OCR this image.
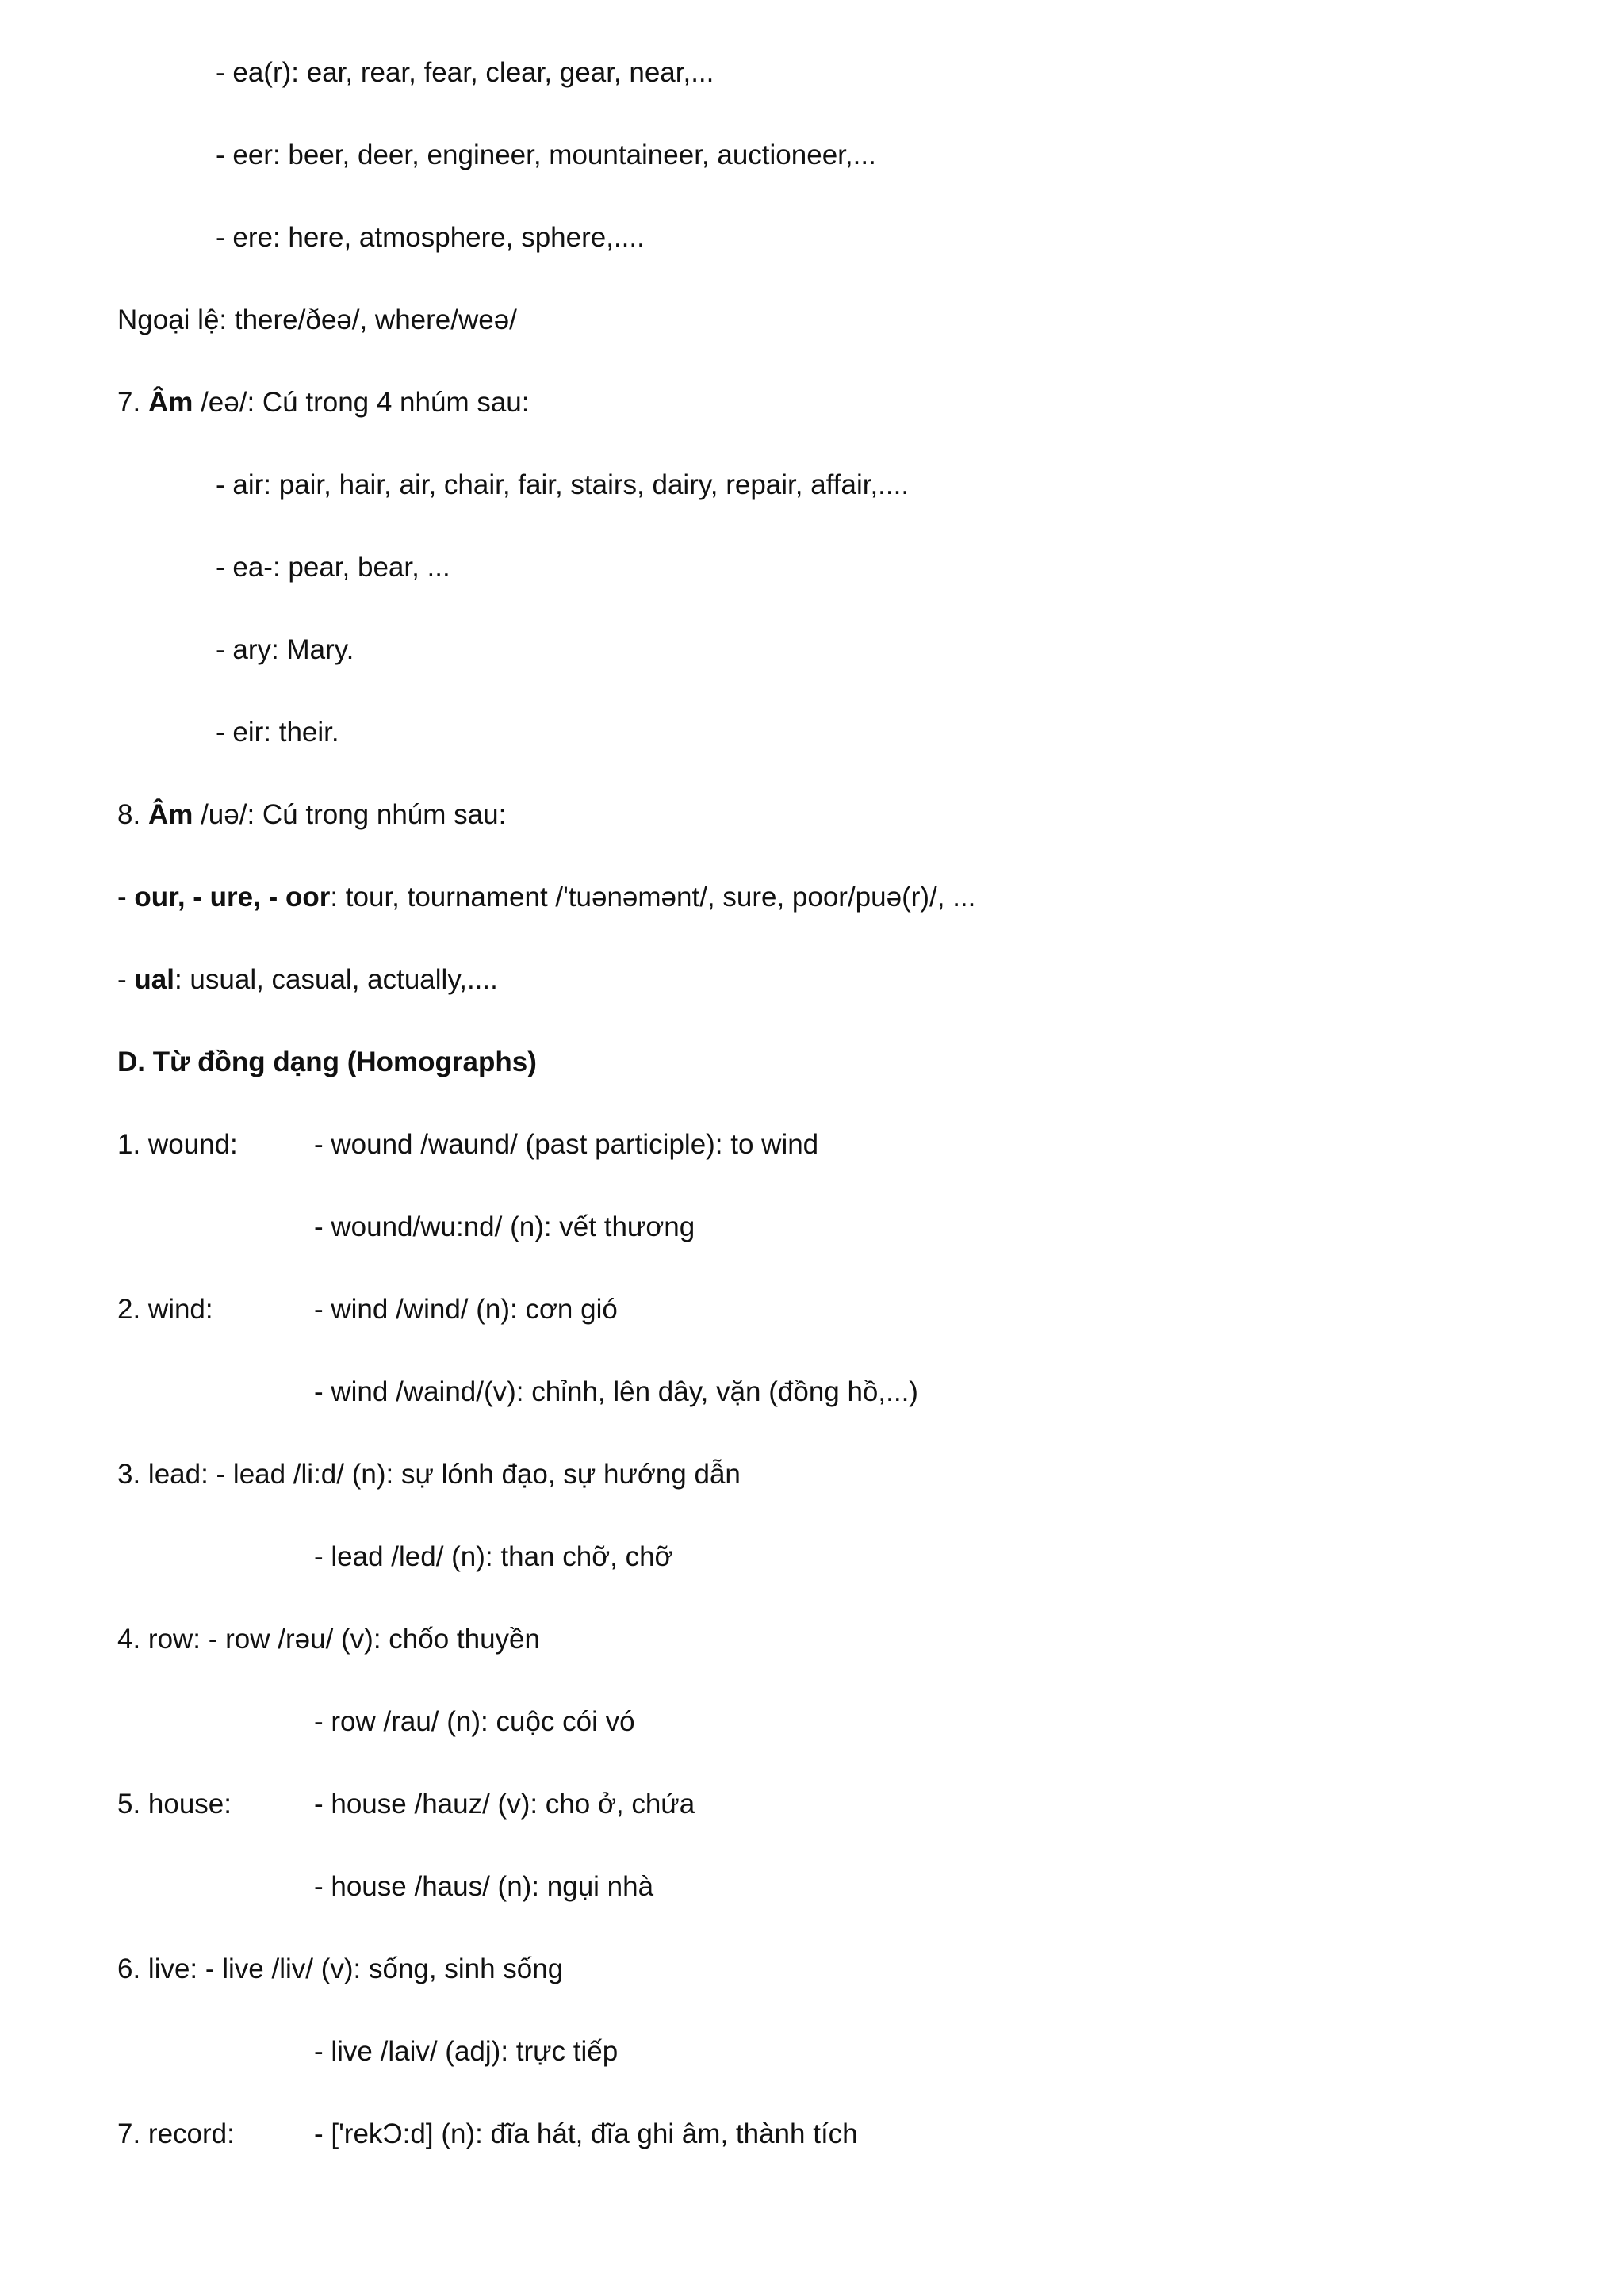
- ea(r): ear, rear, fear, clear, gear, near,...
- eer: beer, deer, engineer, mountaineer, auctioneer,...
- ere: here, atmosphere, sphere,....
Ngoại lệ: there/ðeə/, where/weə/
7. Âm /eə/: Cú trong 4 nhúm sau:
- air: pair, hair, air, chair, fair, stairs, dairy, repair, affair,....
- ea-: pear, bear, ...
- ary: Mary.
- eir: their.
8. Âm /uə/: Cú trong nhúm sau:
- our, - ure, - oor: tour, tournament /'tuənəmənt/, sure, poor/puə(r)/, ...
- ual: usual, casual, actually,....
D. Từ đồng dạng (Homographs)
1. wound:	- wound /waund/ (past participle): to wind
- wound/wu:nd/ (n): vết thương
2. wind:	- wind /wind/ (n): cơn gió
- wind /waind/(v): chỉnh, lên dây, vặn (đồng hồ,...)
3. lead: - lead /li:d/ (n): sự lónh đạo, sự hướng dẫn
- lead /led/ (n): than chỡ, chỡ
4. row: - row /rəu/ (v): chốo thuyền
- row /rau/ (n): cuộc cói vó
5. house:	- house /hauz/ (v): cho ở, chứa
- house /haus/ (n): ngụi nhà
6. live: - live /liv/ (v): sống, sinh sống
- live /laiv/ (adj): trực tiếp
7. record:	- ['rekƆ:d] (n): đĩa hát, đĩa ghi âm, thành tích
